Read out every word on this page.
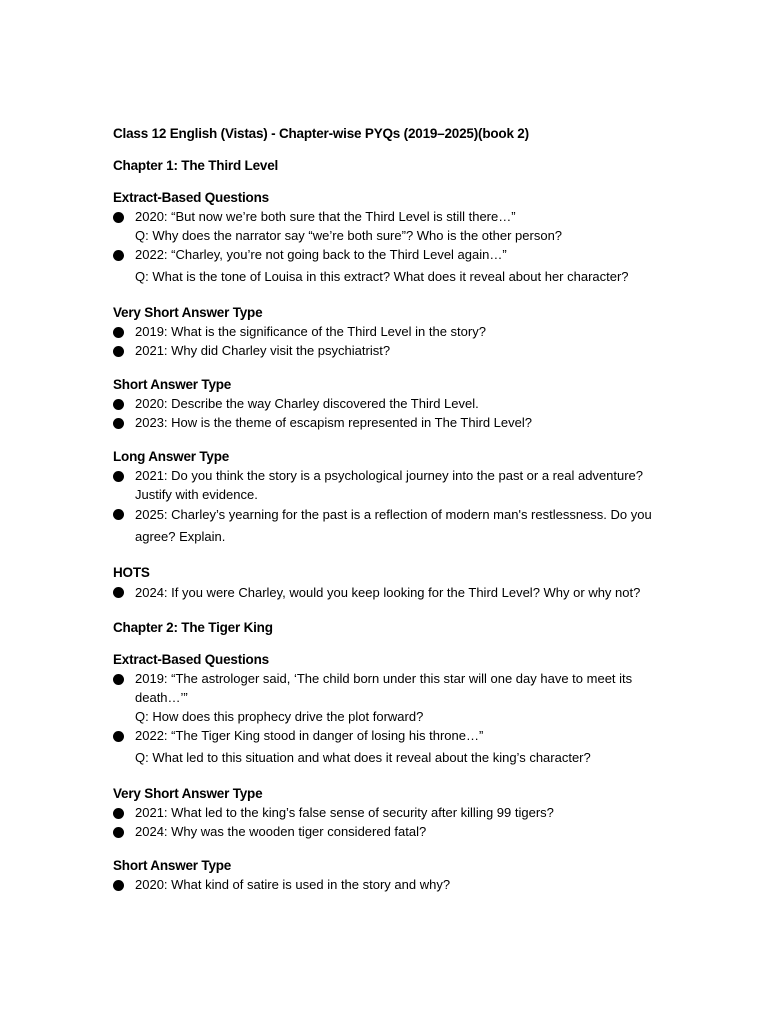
Class 12 English (Vistas) - Chapter-wise PYQs (2019–2025)(book 2)
Chapter 1: The Third Level
Extract-Based Questions
2020: “But now we’re both sure that the Third Level is still there…”
Q: Why does the narrator say “we’re both sure”? Who is the other person?
2022: “Charley, you’re not going back to the Third Level again…”
Q: What is the tone of Louisa in this extract? What does it reveal about her character?
Very Short Answer Type
2019: What is the significance of the Third Level in the story?
2021: Why did Charley visit the psychiatrist?
Short Answer Type
2020: Describe the way Charley discovered the Third Level.
2023: How is the theme of escapism represented in The Third Level?
Long Answer Type
2021: Do you think the story is a psychological journey into the past or a real adventure? Justify with evidence.
2025: Charley’s yearning for the past is a reflection of modern man's restlessness. Do you agree? Explain.
HOTS
2024: If you were Charley, would you keep looking for the Third Level? Why or why not?
Chapter 2: The Tiger King
Extract-Based Questions
2019: “The astrologer said, ‘The child born under this star will one day have to meet its death…’”
Q: How does this prophecy drive the plot forward?
2022: “The Tiger King stood in danger of losing his throne…”
Q: What led to this situation and what does it reveal about the king’s character?
Very Short Answer Type
2021: What led to the king’s false sense of security after killing 99 tigers?
2024: Why was the wooden tiger considered fatal?
Short Answer Type
2020: What kind of satire is used in the story and why?
